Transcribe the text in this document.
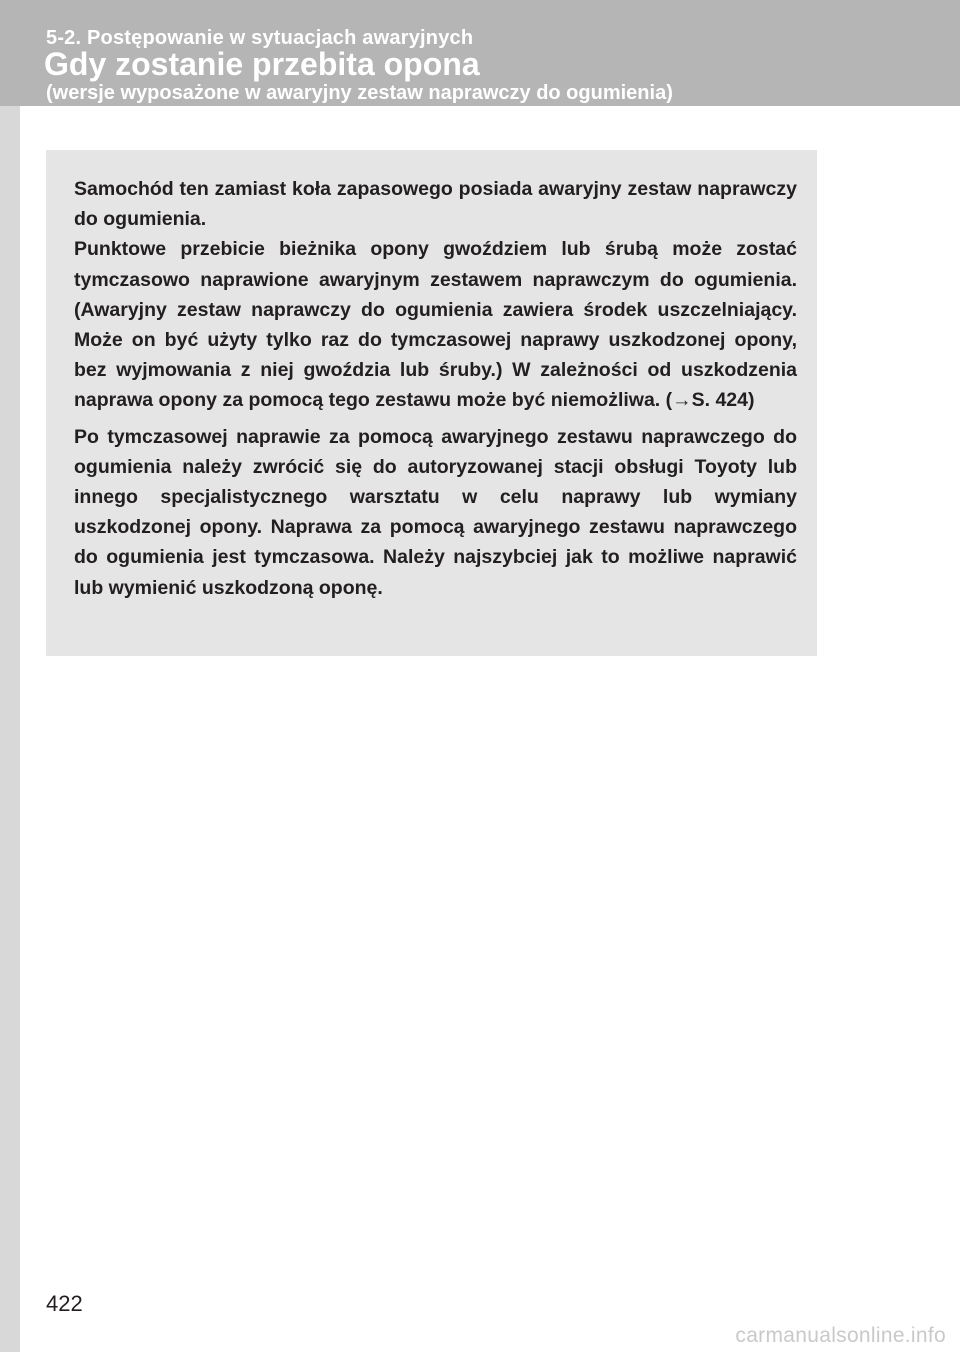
5-2. Postępowanie w sytuacjach awaryjnych
Gdy zostanie przebita opona
(wersje wyposażone w awaryjny zestaw naprawczy do ogumienia)

Samochód ten zamiast koła zapasowego posiada awaryjny zestaw naprawczy do ogumienia.
Punktowe przebicie bieżnika opony gwoździem lub śrubą może zostać tymczasowo naprawione awaryjnym zestawem naprawczym do ogumienia. (Awaryjny zestaw naprawczy do ogumienia zawiera środek uszczelniający. Może on być użyty tylko raz do tymczasowej naprawy uszkodzonej opony, bez wyjmowania z niej gwoździa lub śruby.) W zależności od uszkodzenia naprawa opony za pomocą tego zestawu może być niemożliwa. (→S. 424)

Po tymczasowej naprawie za pomocą awaryjnego zestawu naprawczego do ogumienia należy zwrócić się do autoryzowanej stacji obsługi Toyoty lub innego specjalistycznego warsztatu w celu naprawy lub wymiany uszkodzonej opony. Naprawa za pomocą awaryjnego zestawu naprawczego do ogumienia jest tymczasowa. Należy najszybciej jak to możliwe naprawić lub wymienić uszkodzoną oponę.

422
carmanualsonline.info
